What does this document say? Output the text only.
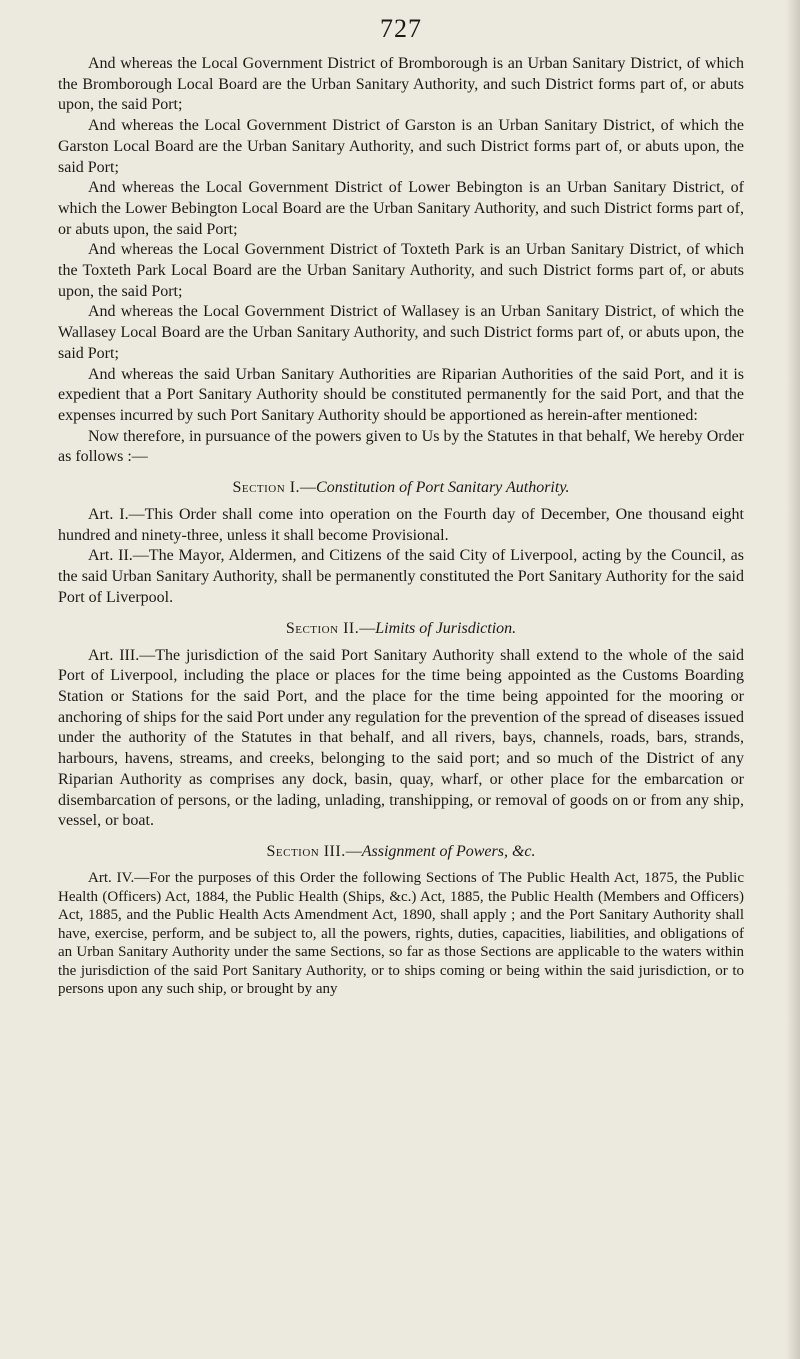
727

And whereas the Local Government District of Bromborough is an Urban Sanitary District, of which the Bromborough Local Board are the Urban Sanitary Authority, and such District forms part of, or abuts upon, the said Port;

And whereas the Local Government District of Garston is an Urban Sanitary District, of which the Garston Local Board are the Urban Sanitary Authority, and such District forms part of, or abuts upon, the said Port;

And whereas the Local Government District of Lower Bebington is an Urban Sanitary District, of which the Lower Bebington Local Board are the Urban Sanitary Authority, and such District forms part of, or abuts upon, the said Port;

And whereas the Local Government District of Toxteth Park is an Urban Sanitary District, of which the Toxteth Park Local Board are the Urban Sanitary Authority, and such District forms part of, or abuts upon, the said Port;

And whereas the Local Government District of Wallasey is an Urban Sanitary District, of which the Wallasey Local Board are the Urban Sanitary Authority, and such District forms part of, or abuts upon, the said Port;

And whereas the said Urban Sanitary Authorities are Riparian Authorities of the said Port, and it is expedient that a Port Sanitary Authority should be constituted permanently for the said Port, and that the expenses incurred by such Port Sanitary Authority should be apportioned as herein-after mentioned:

Now therefore, in pursuance of the powers given to Us by the Statutes in that behalf, We hereby Order as follows :—

Section I.—Constitution of Port Sanitary Authority.

Art. I.—This Order shall come into operation on the Fourth day of December, One thousand eight hundred and ninety-three, unless it shall become Provisional.

Art. II.—The Mayor, Aldermen, and Citizens of the said City of Liverpool, acting by the Council, as the said Urban Sanitary Authority, shall be permanently constituted the Port Sanitary Authority for the said Port of Liverpool.

Section II.—Limits of Jurisdiction.

Art. III.—The jurisdiction of the said Port Sanitary Authority shall extend to the whole of the said Port of Liverpool, including the place or places for the time being appointed as the Customs Boarding Station or Stations for the said Port, and the place for the time being appointed for the mooring or anchoring of ships for the said Port under any regulation for the prevention of the spread of diseases issued under the authority of the Statutes in that behalf, and all rivers, bays, channels, roads, bars, strands, harbours, havens, streams, and creeks, belonging to the said port; and so much of the District of any Riparian Authority as comprises any dock, basin, quay, wharf, or other place for the embarcation or disembarcation of persons, or the lading, unlading, transhipping, or removal of goods on or from any ship, vessel, or boat.

Section III.—Assignment of Powers, &c.

Art. IV.—For the purposes of this Order the following Sections of The Public Health Act, 1875, the Public Health (Officers) Act, 1884, the Public Health (Ships, &c.) Act, 1885, the Public Health (Members and Officers) Act, 1885, and the Public Health Acts Amendment Act, 1890, shall apply ; and the Port Sanitary Authority shall have, exercise, perform, and be subject to, all the powers, rights, duties, capacities, liabilities, and obligations of an Urban Sanitary Authority under the same Sections, so far as those Sections are applicable to the waters within the jurisdiction of the said Port Sanitary Authority, or to ships coming or being within the said jurisdiction, or to persons upon any such ship, or brought by any
